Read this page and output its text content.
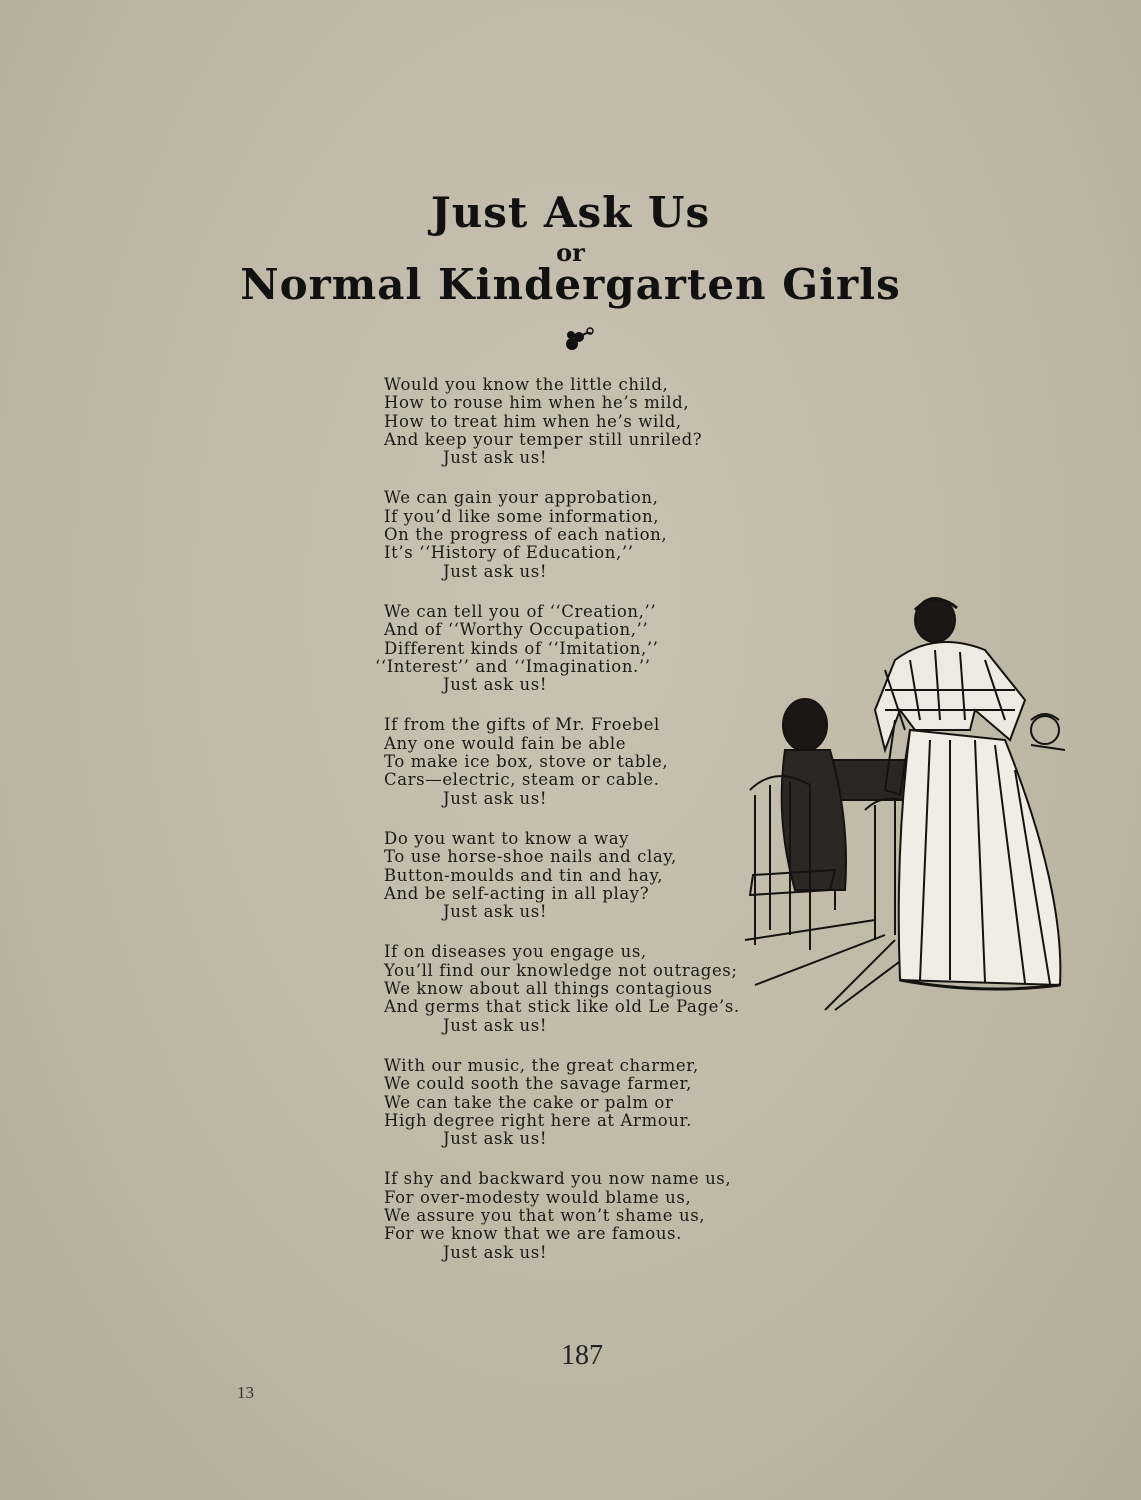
Just Ask Us
or
Normal Kindergarten Girls
Would you know the little child,
How to rouse him when he’s mild,
How to treat him when he’s wild,
And keep your temper still unriled?
Just ask us!
We can gain your approbation,
If you’d like some information,
On the progress of each nation,
It’s ‘‘History of Education,’’
Just ask us!
We can tell you of ‘‘Creation,’’
And of ‘‘Worthy Occupation,’’
Different kinds of ‘‘Imitation,’’
‘‘Interest’’ and ‘‘Imagination.’’
Just ask us!
If from the gifts of Mr. Froebel
Any one would fain be able
To make ice box, stove or table,
Cars—electric, steam or cable.
Just ask us!
Do you want to know a way
To use horse-shoe nails and clay,
Button-moulds and tin and hay,
And be self-acting in all play?
Just ask us!
If on diseases you engage us,
You’ll find our knowledge not outrages;
We know about all things contagious
And germs that stick like old Le Page’s.
Just ask us!
With our music, the great charmer,
We could sooth the savage farmer,
We can take the cake or palm or
High degree right here at Armour.
Just ask us!
If shy and backward you now name us,
For over-modesty would blame us,
We assure you that won’t shame us,
For we know that we are famous.
Just ask us!
187
13
